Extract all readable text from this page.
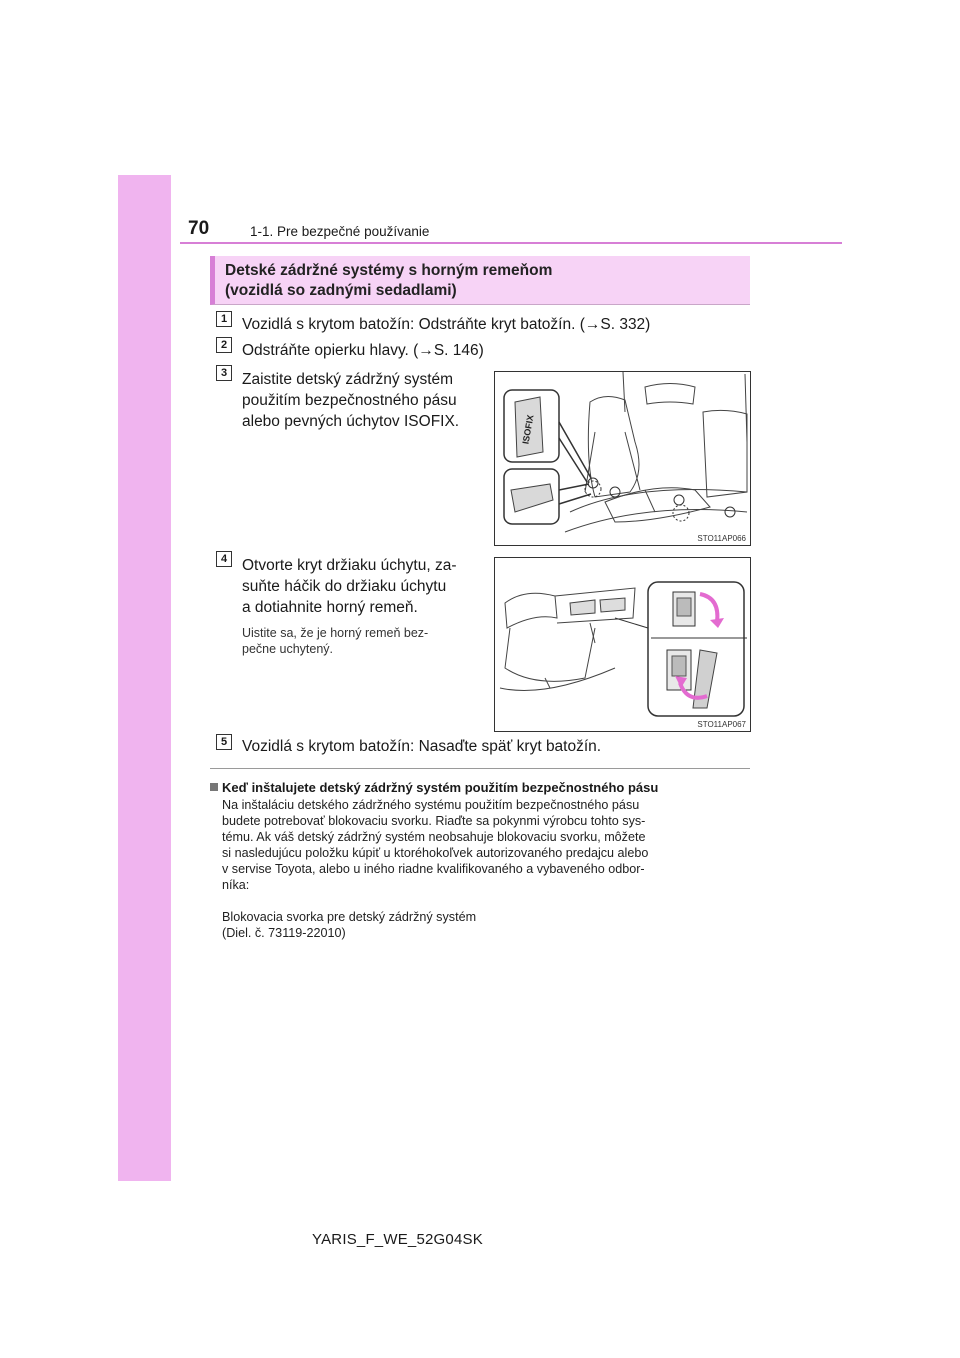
70	1-1. Pre bezpečné používanie
Detské zádržné systémy s horným remeňom
(vozidlá so zadnými sedadlami)
1 Vozidlá s krytom batožín: Odstráňte kryt batožín. (→S. 332)
2 Odstráňte opierku hlavy. (→S. 146)
3 Zaistite detský zádržný systém
použitím bezpečnostného pásu
alebo pevných úchytov ISOFIX.	ISOFIX
STO11AP066
4 Otvorte kryt držiaku úchytu, za-
suňte háčik do držiaku úchytu
a dotiahnite horný remeň.
Uistite sa, že je horný remeň bez-
pečne uchytený.
STO11AP067
5 Vozidlá s krytom batožín: Nasaďte späť kryt batožín.
Keď inštalujete detský zádržný systém použitím bezpečnostného pásu
Na inštaláciu detského zádržného systému použitím bezpečnostného pásu
budete potrebovať blokovaciu svorku. Riaďte sa pokynmi výrobcu tohto sys-
tému. Ak váš detský zádržný systém neobsahuje blokovaciu svorku, môžete
si nasledujúcu položku kúpiť u ktoréhokoľvek autorizovaného predajcu alebo
v servise Toyota, alebo u iného riadne kvalifikovaného a vybaveného odbor-
níka:
Blokovacia svorka pre detský zádržný systém
(Diel. č. 73119-22010)
YARIS_F_WE_52G04SK
